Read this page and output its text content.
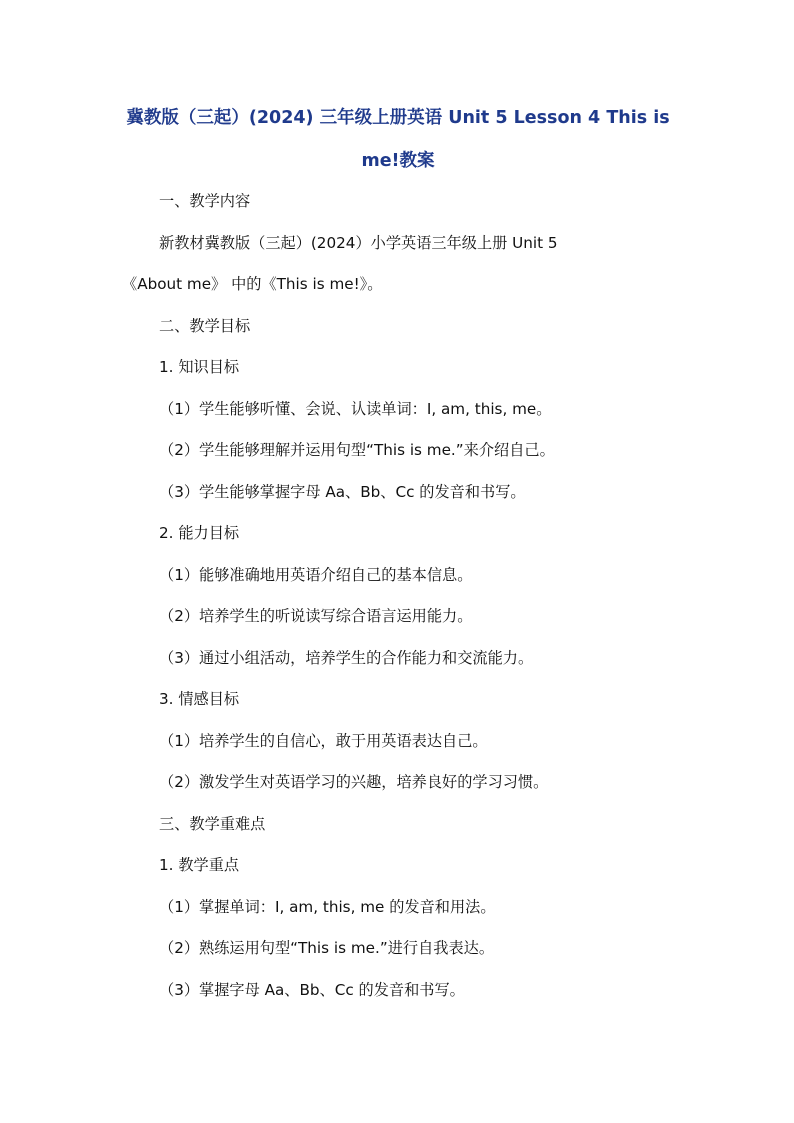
冀教版（三起）(2024) 三年级上册英语 Unit 5 Lesson 4 This is
me!教案
一、教学内容
新教材冀教版（三起）(2024）小学英语三年级上册 Unit 5
《About me》 中的《This is me!》。
二、教学目标
1. 知识目标
（1）学生能够听懂、会说、认读单词：I, am, this, me。
（2）学生能够理解并运用句型“This is me.”来介绍自己。
（3）学生能够掌握字母 Aa、Bb、Cc 的发音和书写。
2. 能力目标
（1）能够准确地用英语介绍自己的基本信息。
（2）培养学生的听说读写综合语言运用能力。
（3）通过小组活动，培养学生的合作能力和交流能力。
3. 情感目标
（1）培养学生的自信心，敢于用英语表达自己。
（2）激发学生对英语学习的兴趣，培养良好的学习习惯。
三、教学重难点
1. 教学重点
（1）掌握单词：I, am, this, me 的发音和用法。
（2）熟练运用句型“This is me.”进行自我表达。
（3）掌握字母 Aa、Bb、Cc 的发音和书写。
